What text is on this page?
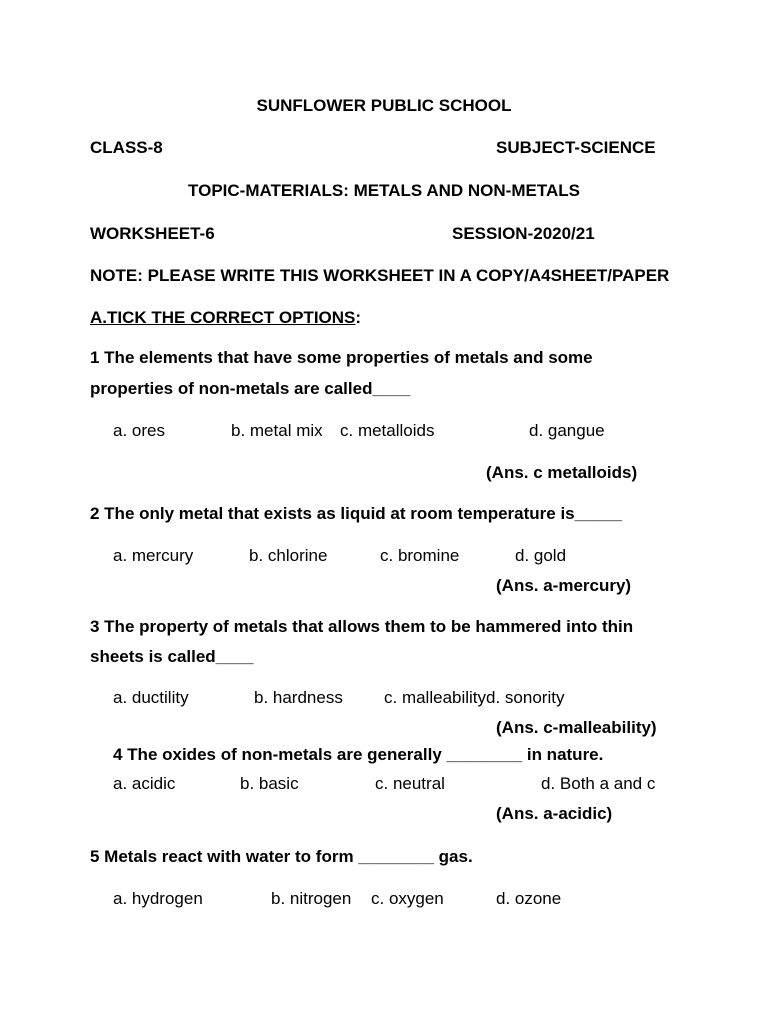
SUNFLOWER PUBLIC SCHOOL
CLASS-8	SUBJECT-SCIENCE
TOPIC-MATERIALS: METALS AND NON-METALS
WORKSHEET-6	SESSION-2020/21
NOTE: PLEASE WRITE THIS WORKSHEET IN A COPY/A4SHEET/PAPER
A.TICK THE CORRECT OPTIONS:
1 The elements that have some properties of metals and some
properties of non-metals are called____
a. ores	b. metal mix c. metalloids	d. gangue
(Ans. c metalloids)
2 The only metal that exists as liquid at room temperature is_____
a. mercury	b. chlorine	c. bromine	d. gold
(Ans. a-mercury)
3 The property of metals that allows them to be hammered into thin
sheets is called____
a. ductility	b. hardness c. malleabilityd. sonority
(Ans. c-malleability)
4 The oxides of non-metals are generally ________ in nature.
a. acidic	b. basic	c. neutral	d. Both a and c
(Ans. a-acidic)
5 Metals react with water to form ________ gas.
a. hydrogen	b. nitrogen c. oxygen	d. ozone
